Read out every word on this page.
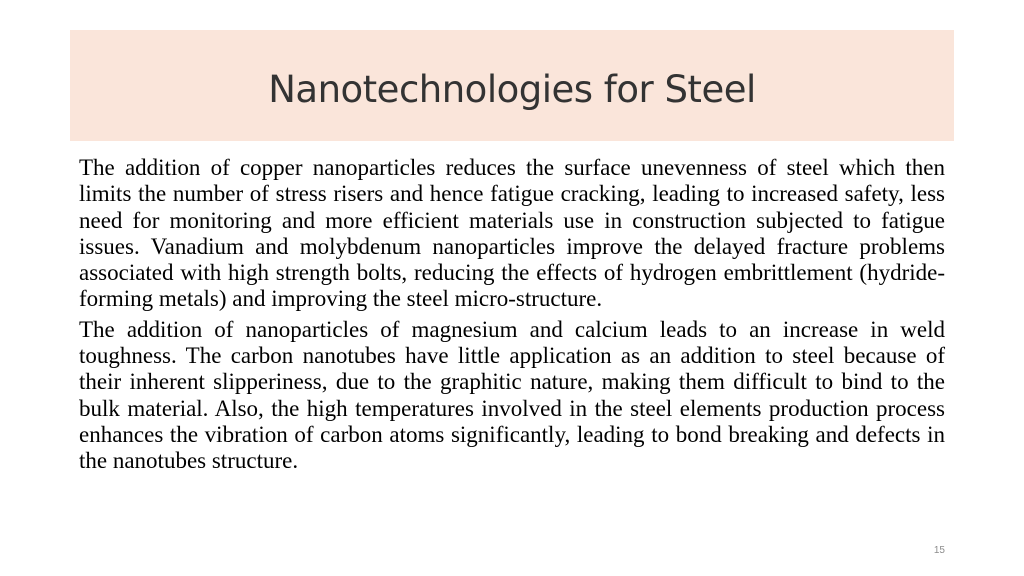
Nanotechnologies for Steel

The addition of copper nanoparticles reduces the surface unevenness of steel which then limits the number of stress risers and hence fatigue cracking, leading to increased safety, less need for monitoring and more efficient materials use in construction subjected to fatigue issues. Vanadium and molybdenum nanoparticles improve the delayed fracture problems associated with high strength bolts, reducing the effects of hydrogen embrittlement (hydride-forming metals) and improving the steel micro-structure.

The addition of nanoparticles of magnesium and calcium leads to an increase in weld toughness. The carbon nanotubes have little application as an addition to steel because of their inherent slipperiness, due to the graphitic nature, making them difficult to bind to the bulk material. Also, the high temperatures involved in the steel elements production process enhances the vibration of carbon atoms significantly, leading to bond breaking and defects in the nanotubes structure.

15
